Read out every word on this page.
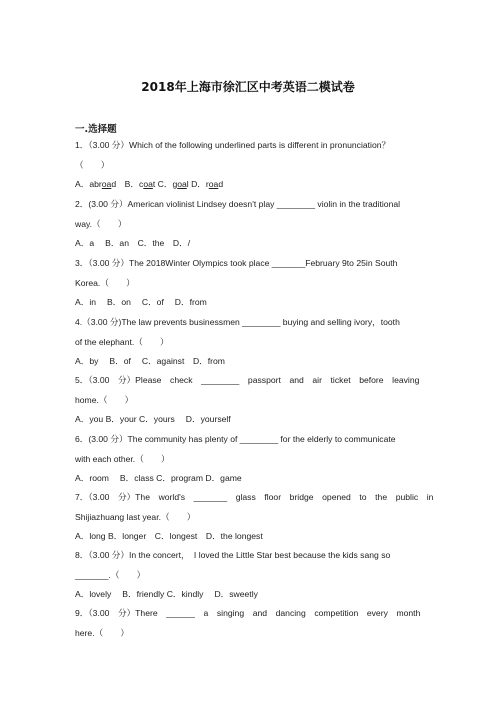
2018年上海市徐汇区中考英语二模试卷
一.选择题
1．（3.00 分）Which of the following underlined parts is different in pronunciation？
（　　）
A．abroad　B．coat C．goal D．road
2．(3.00 分）American violinist Lindsey doesn't play ________ violin in the traditional
way.（　　）
A．a　 B．an　C．the　D．/
3．（3.00 分）The 2018Winter Olympics took place _______February 9to 25in South
Korea.（　　）
A．in　 B．on　 C．of　 D．from
4.（3.00 分)The law prevents businessmen ________ buying and selling ivory，tooth
of the elephant.（　　）
A．by　 B．of　 C．against　D．from
5．（3.00　分）Please　check　________　passport　and　air　ticket　before　leaving
home.（　　）
A．you B．your C．yours　 D．yourself
6．(3.00 分）The community has plenty of ________ for the elderly to communicate
with each other.（　　）
A．room　 B．class C．program D．game
7．（3.00　分）The　world's　_______　glass　floor　bridge　opened　to　the　public　in
Shijiazhuang last year.（　　）
A．long B．longer　C．longest　D．the longest
8．（3.00 分）In the concert，　I loved the Little Star best because the kids sang so
_______.（　　）
A．lovely　 B．friendly C．kindly　 D．sweetly
9．（3.00　分）There　______　a　singing　and　dancing　competition　every　month
here.（　　）
